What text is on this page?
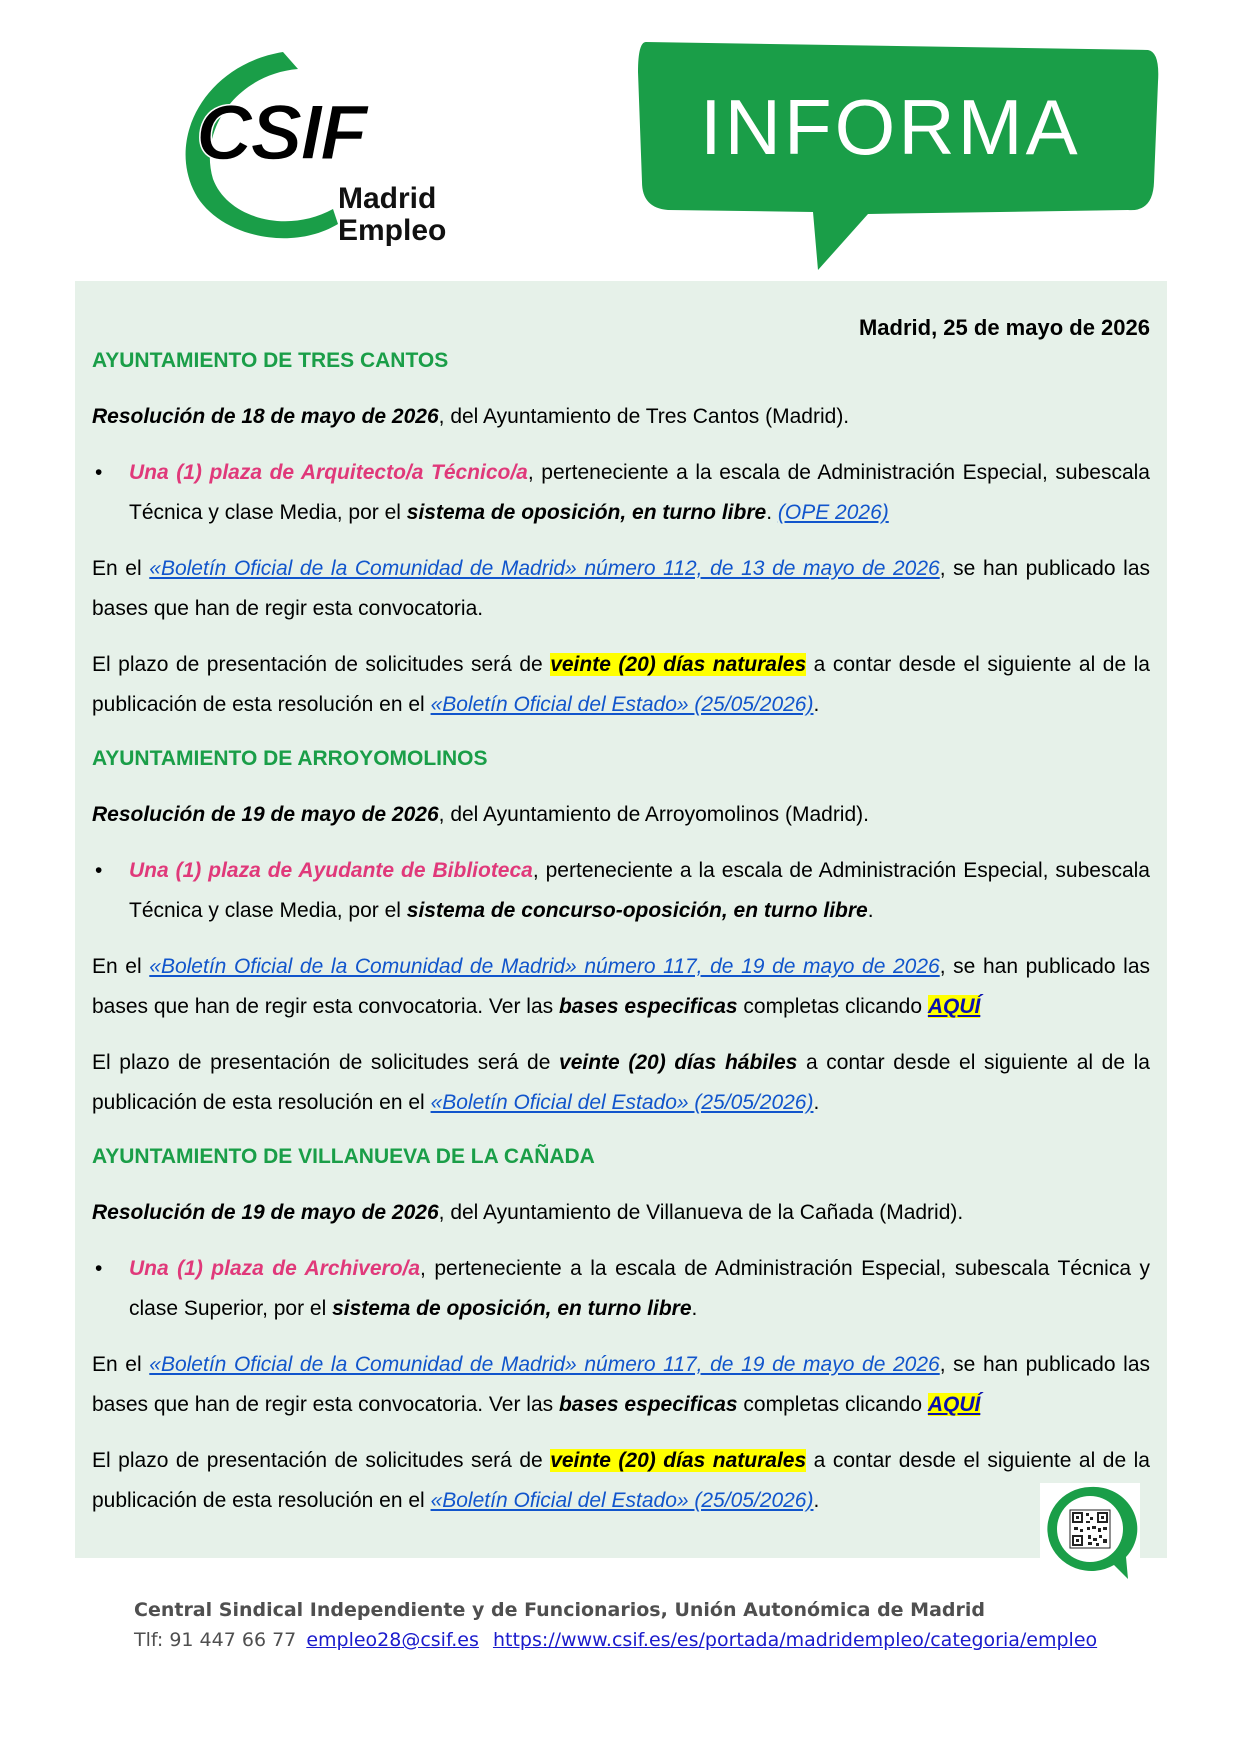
CSIF
Madrid
Empleo
INFORMA
Madrid, 25 de mayo de 2026
AYUNTAMIENTO DE TRES CANTOS

Resolución de 18 de mayo de 2026, del Ayuntamiento de Tres Cantos (Madrid).

• Una (1) plaza de Arquitecto/a Técnico/a, perteneciente a la escala de Administración Especial, subescala Técnica y clase Media, por el sistema de oposición, en turno libre. (OPE 2026)

En el «Boletín Oficial de la Comunidad de Madrid» número 112, de 13 de mayo de 2026, se han publicado las bases que han de regir esta convocatoria.

El plazo de presentación de solicitudes será de veinte (20) días naturales a contar desde el siguiente al de la publicación de esta resolución en el «Boletín Oficial del Estado» (25/05/2026).

AYUNTAMIENTO DE ARROYOMOLINOS

Resolución de 19 de mayo de 2026, del Ayuntamiento de Arroyomolinos (Madrid).

• Una (1) plaza de Ayudante de Biblioteca, perteneciente a la escala de Administración Especial, subescala Técnica y clase Media, por el sistema de concurso-oposición, en turno libre.

En el «Boletín Oficial de la Comunidad de Madrid» número 117, de 19 de mayo de 2026, se han publicado las bases que han de regir esta convocatoria. Ver las bases especificas completas clicando AQUÍ

El plazo de presentación de solicitudes será de veinte (20) días hábiles a contar desde el siguiente al de la publicación de esta resolución en el «Boletín Oficial del Estado» (25/05/2026).

AYUNTAMIENTO DE VILLANUEVA DE LA CAÑADA

Resolución de 19 de mayo de 2026, del Ayuntamiento de Villanueva de la Cañada (Madrid).

• Una (1) plaza de Archivero/a, perteneciente a la escala de Administración Especial, subescala Técnica y clase Superior, por el sistema de oposición, en turno libre.

En el «Boletín Oficial de la Comunidad de Madrid» número 117, de 19 de mayo de 2026, se han publicado las bases que han de regir esta convocatoria. Ver las bases especificas completas clicando AQUÍ

El plazo de presentación de solicitudes será de veinte (20) días naturales a contar desde el siguiente al de la publicación de esta resolución en el «Boletín Oficial del Estado» (25/05/2026).

Central Sindical Independiente y de Funcionarios, Unión Autonómica de Madrid
Tlf: 91 447 66 77 empleo28@csif.es https://www.csif.es/es/portada/madridempleo/categoria/empleo
